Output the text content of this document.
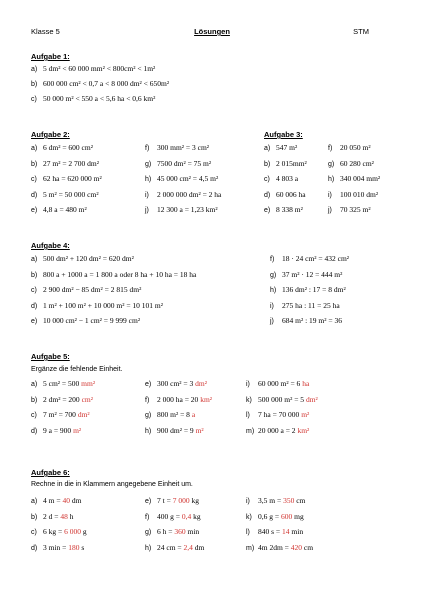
Klasse 5	Lösungen	STM
Aufgabe 1:
a) 5 dm² < 60 000 mm² < 800cm² < 1m²
b) 600 000 cm² < 0,7 a < 8 000 dm² < 650m²
c) 50 000 m² < 550 a < 5,6 ha < 0,6 km²
Aufgabe 2:
a) 6 dm² = 600 cm²
b) 27 m² = 2 700 dm²
c) 62 ha = 620 000 m²
d) 5 m² = 50 000 cm²
e) 4,8 a = 480 m²
f) 300 mm² = 3 cm²
g) 7500 dm² = 75 m²
h) 45 000 cm² = 4,5 m²
i) 2 000 000 dm² = 2 ha
j) 12 300 a = 1,23 km²
Aufgabe 3:
a) 547 m²
b) 2 015mm²
c) 4 803 a
d) 60 006 ha
e) 8 338 m²
f) 20 050 m²
g) 60 280 cm²
h) 340 004 mm²
i) 100 010 dm²
j) 70 325 m²
Aufgabe 4:
a) 500 dm² + 120 dm² = 620 dm²
b) 800 a + 1000 a = 1 800 a oder 8 ha + 10 ha = 18 ha
c) 2 900 dm² − 85 dm² = 2 815 dm²
d) 1 m² + 100 m² + 10 000 m² = 10 101 m²
e) 10 000 cm² − 1 cm² = 9 999 cm²
f) 18 · 24 cm² = 432 cm²
g) 37 m² · 12 = 444 m²
h) 136 dm² : 17 = 8 dm²
i) 275 ha : 11 = 25 ha
j) 684 m² : 19 m² = 36
Aufgabe 5:
Ergänze die fehlende Einheit.
a) 5 cm² = 500 mm²
b) 2 dm² = 200 cm²
c) 7 m² = 700 dm²
d) 9 a = 900 m²
e) 300 cm² = 3 dm²
f) 2 000 ha = 20 km²
g) 800 m² = 8 a
h) 900 dm² = 9 m²
i) 60 000 m² = 6 ha
k) 500 000 m² = 5 dm²
l) 7 ha = 70 000 m²
m) 20 000 a = 2 km²
Aufgabe 6:
Rechne in die in Klammern angegebene Einheit um.
a) 4 m = 40 dm
b) 2 d = 48 h
c) 6 kg = 6 000 g
d) 3 min = 180 s
e) 7 t = 7 000 kg
f) 400 g = 0,4 kg
g) 6 h = 360 min
h) 24 cm = 2,4 dm
i) 3,5 m = 350 cm
k) 0,6 g = 600 mg
l) 840 s = 14 min
m) 4m 2dm = 420 cm
